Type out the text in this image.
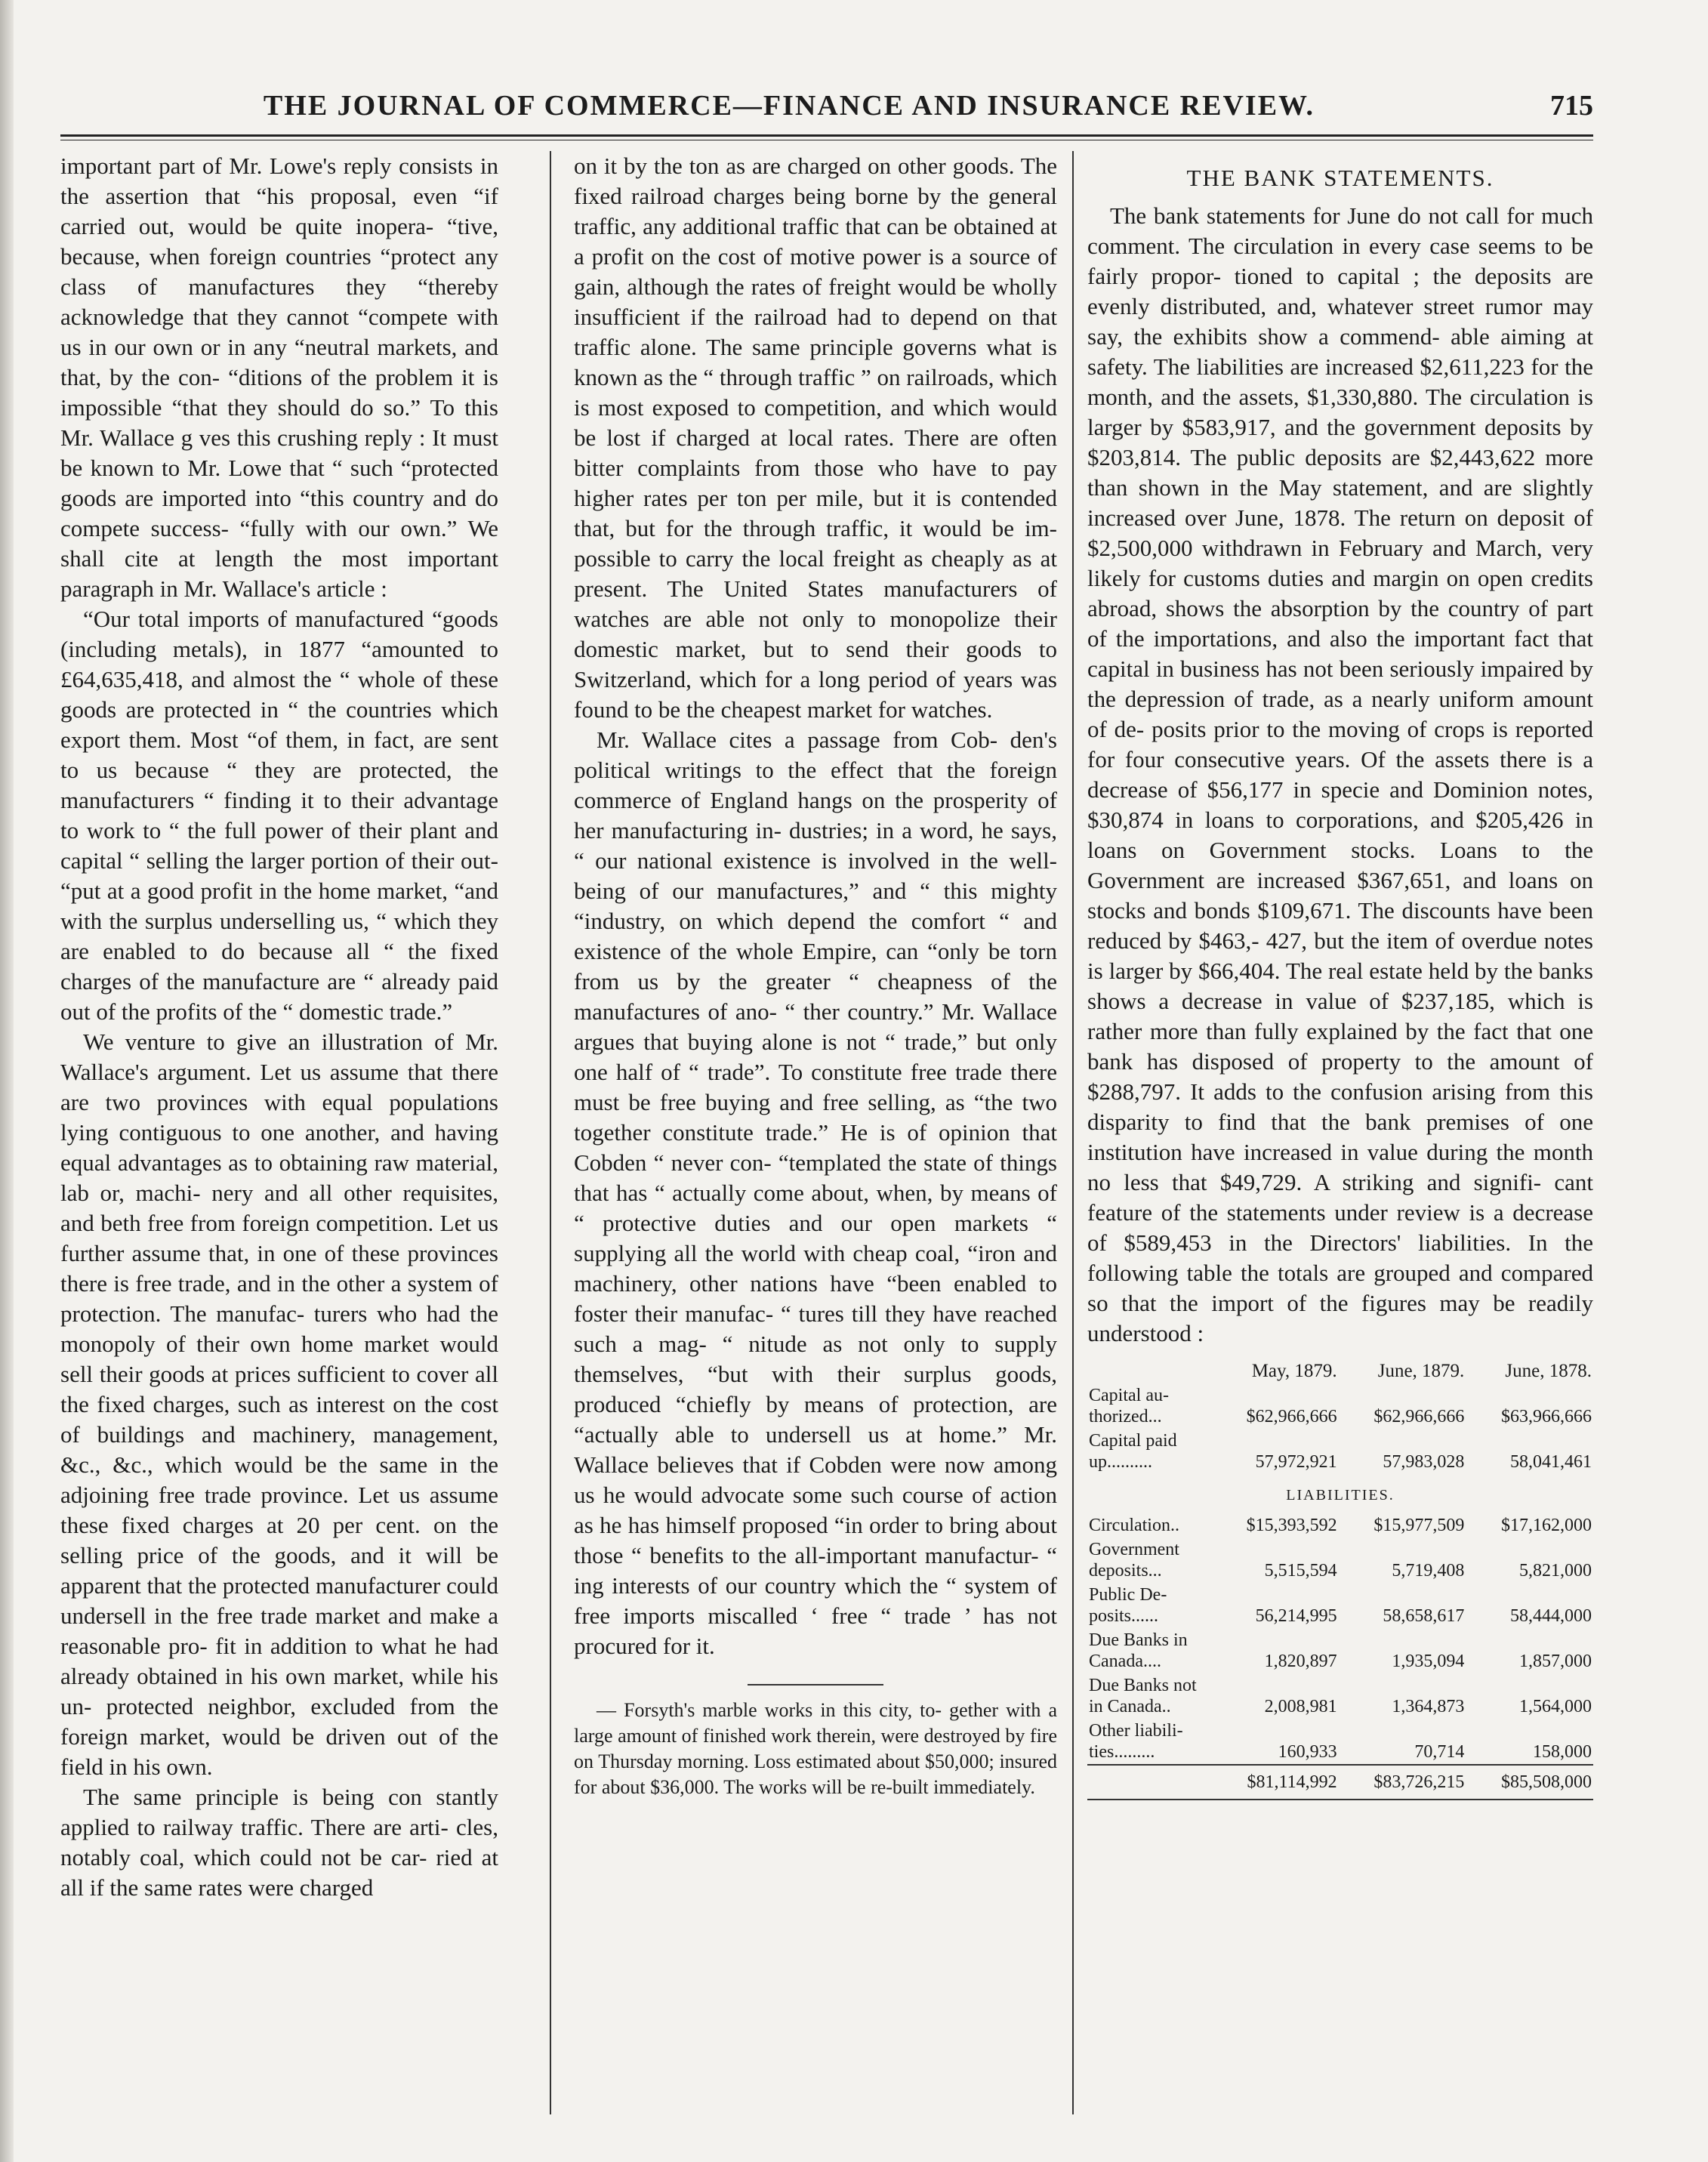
THE JOURNAL OF COMMERCE—FINANCE AND INSURANCE REVIEW.	715

important part of Mr. Lowe's reply consists in the assertion that “his proposal, even “if carried out, would be quite inopera- “tive, because, when foreign countries “protect any class of manufactures they “thereby acknowledge that they cannot “compete with us in our own or in any “neutral markets, and that, by the con- “ditions of the problem it is impossible “that they should do so.” To this Mr. Wallace g ves this crushing reply : It must be known to Mr. Lowe that “ such “protected goods are imported into “this country and do compete success- “fully with our own.” We shall cite at length the most important paragraph in Mr. Wallace's article :

“Our total imports of manufactured “goods (including metals), in 1877 “amounted to £64,635,418, and almost the “ whole of these goods are protected in “ the countries which export them. Most “of them, in fact, are sent to us because “ they are protected, the manufacturers “ finding it to their advantage to work to “ the full power of their plant and capital “ selling the larger portion of their out- “put at a good profit in the home market, “and with the surplus underselling us, “ which they are enabled to do because all “ the fixed charges of the manufacture are “ already paid out of the profits of the “ domestic trade.”

We venture to give an illustration of Mr. Wallace's argument. Let us assume that there are two provinces with equal populations lying contiguous to one another, and having equal advantages as to obtaining raw material, lab or, machi- nery and all other requisites, and beth free from foreign competition. Let us further assume that, in one of these provinces there is free trade, and in the other a system of protection. The manufac- turers who had the monopoly of their own home market would sell their goods at prices sufficient to cover all the fixed charges, such as interest on the cost of buildings and machinery, management, &c., &c., which would be the same in the adjoining free trade province. Let us assume these fixed charges at 20 per cent. on the selling price of the goods, and it will be apparent that the protected manufacturer could undersell in the free trade market and make a reasonable pro- fit in addition to what he had already obtained in his own market, while his un- protected neighbor, excluded from the foreign market, would be driven out of the field in his own.

The same principle is being con stantly applied to railway traffic. There are arti- cles, notably coal, which could not be car- ried at all if the same rates were charged

on it by the ton as are charged on other goods. The fixed railroad charges being borne by the general traffic, any additional traffic that can be obtained at a profit on the cost of motive power is a source of gain, although the rates of freight would be wholly insufficient if the railroad had to depend on that traffic alone. The same principle governs what is known as the “ through traffic ” on railroads, which is most exposed to competition, and which would be lost if charged at local rates. There are often bitter complaints from those who have to pay higher rates per ton per mile, but it is contended that, but for the through traffic, it would be im- possible to carry the local freight as cheaply as at present. The United States manufacturers of watches are able not only to monopolize their domestic market, but to send their goods to Switzerland, which for a long period of years was found to be the cheapest market for watches.

Mr. Wallace cites a passage from Cob- den's political writings to the effect that the foreign commerce of England hangs on the prosperity of her manufacturing in- dustries; in a word, he says, “ our national existence is involved in the well-being of our manufactures,” and “ this mighty “industry, on which depend the comfort “ and existence of the whole Empire, can “only be torn from us by the greater “ cheapness of the manufactures of ano- “ ther country.” Mr. Wallace argues that buying alone is not “ trade,” but only one half of “ trade”. To constitute free trade there must be free buying and free selling, as “the two together constitute trade.” He is of opinion that Cobden “ never con- “templated the state of things that has “ actually come about, when, by means of “ protective duties and our open markets “ supplying all the world with cheap coal, “iron and machinery, other nations have “been enabled to foster their manufac- “ tures till they have reached such a mag- “ nitude as not only to supply themselves, “but with their surplus goods, produced “chiefly by means of protection, are “actually able to undersell us at home.” Mr. Wallace believes that if Cobden were now among us he would advocate some such course of action as he has himself proposed “in order to bring about those “ benefits to the all-important manufactur- “ ing interests of our country which the “ system of free imports miscalled ‘ free “ trade ’ has not procured for it.

— Forsyth's marble works in this city, to- gether with a large amount of finished work therein, were destroyed by fire on Thursday morning. Loss estimated about $50,000; insured for about $36,000. The works will be re-built immediately.

THE BANK STATEMENTS.

The bank statements for June do not call for much comment. The circulation in every case seems to be fairly propor- tioned to capital ; the deposits are evenly distributed, and, whatever street rumor may say, the exhibits show a commend- able aiming at safety. The liabilities are increased $2,611,223 for the month, and the assets, $1,330,880. The circulation is larger by $583,917, and the government deposits by $203,814. The public deposits are $2,443,622 more than shown in the May statement, and are slightly increased over June, 1878. The return on deposit of $2,500,000 withdrawn in February and March, very likely for customs duties and margin on open credits abroad, shows the absorption by the country of part of the importations, and also the important fact that capital in business has not been seriously impaired by the depression of trade, as a nearly uniform amount of de- posits prior to the moving of crops is reported for four consecutive years. Of the assets there is a decrease of $56,177 in specie and Dominion notes, $30,874 in loans to corporations, and $205,426 in loans on Government stocks. Loans to the Government are increased $367,651, and loans on stocks and bonds $109,671. The discounts have been reduced by $463,- 427, but the item of overdue notes is larger by $66,404. The real estate held by the banks shows a decrease in value of $237,185, which is rather more than fully explained by the fact that one bank has disposed of property to the amount of $288,797. It adds to the confusion arising from this disparity to find that the bank premises of one institution have increased in value during the month no less that $49,729. A striking and signifi- cant feature of the statements under review is a decrease of $589,453 in the Directors' liabilities. In the following table the totals are grouped and compared so that the import of the figures may be readily understood :

	May, 1879.	June, 1879.	June, 1878.
Capital au- thorized...	$62,966,666	$62,966,666	$63,966,666
Capital paid up..........	57,972,921	57,983,028	58,041,461
LIABILITIES.			
Circulation..	$15,393,592	$15,977,509	$17,162,000
Government deposits...	5,515,594	5,719,408	5,821,000
Public De- posits......	56,214,995	58,658,617	58,444,000
Due Banks in Canada....	1,820,897	1,935,094	1,857,000
Due Banks not in Canada..	2,008,981	1,364,873	1,564,000
Other liabili- ties.........	160,933	70,714	158,000
	$81,114,992	$83,726,215	$85,508,000
